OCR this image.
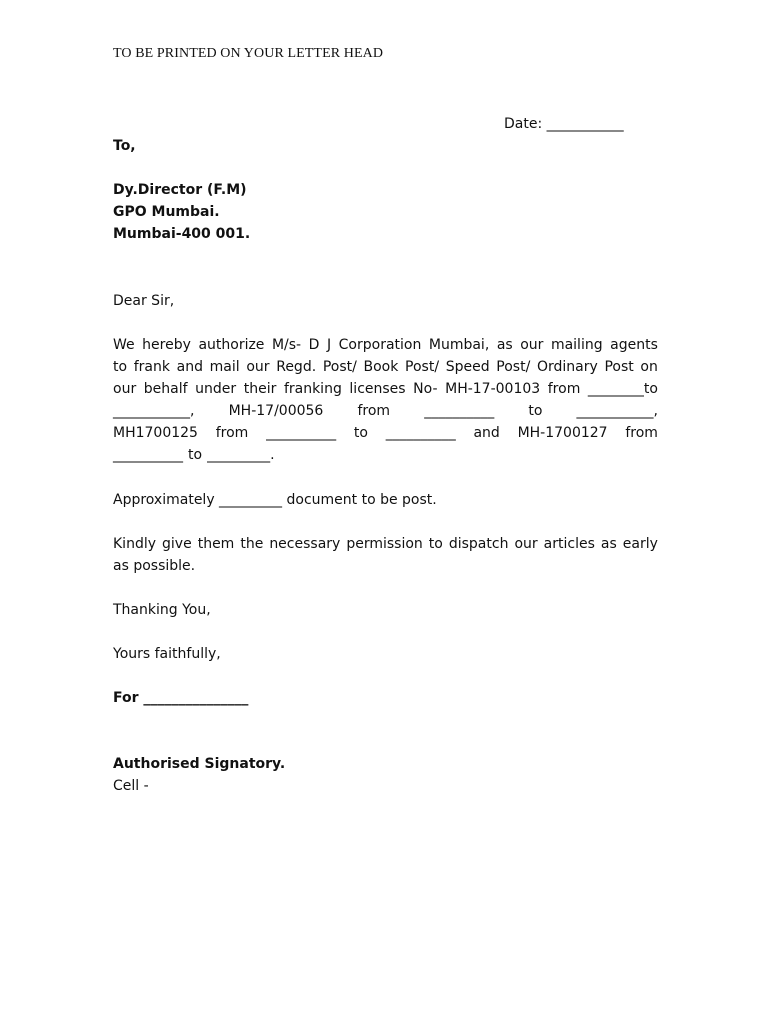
TO BE PRINTED ON YOUR LETTER HEAD

Date: ___________

To,

Dy.Director (F.M)
GPO Mumbai.
Mumbai-400 001.

Dear Sir,

We hereby authorize M/s- D J Corporation Mumbai, as our mailing agents
to frank and mail our Regd. Post/ Book Post/ Speed Post/ Ordinary Post on
our behalf under their franking licenses No- MH-17-00103 from ________to
___________, MH-17/00056 from __________ to ___________,
MH1700125 from __________ to __________ and MH-1700127 from
__________ to _________.

Approximately _________ document to be post.

Kindly give them the necessary permission to dispatch our articles as early
as possible.

Thanking You,

Yours faithfully,

For _______________

Authorised Signatory.

Cell -
